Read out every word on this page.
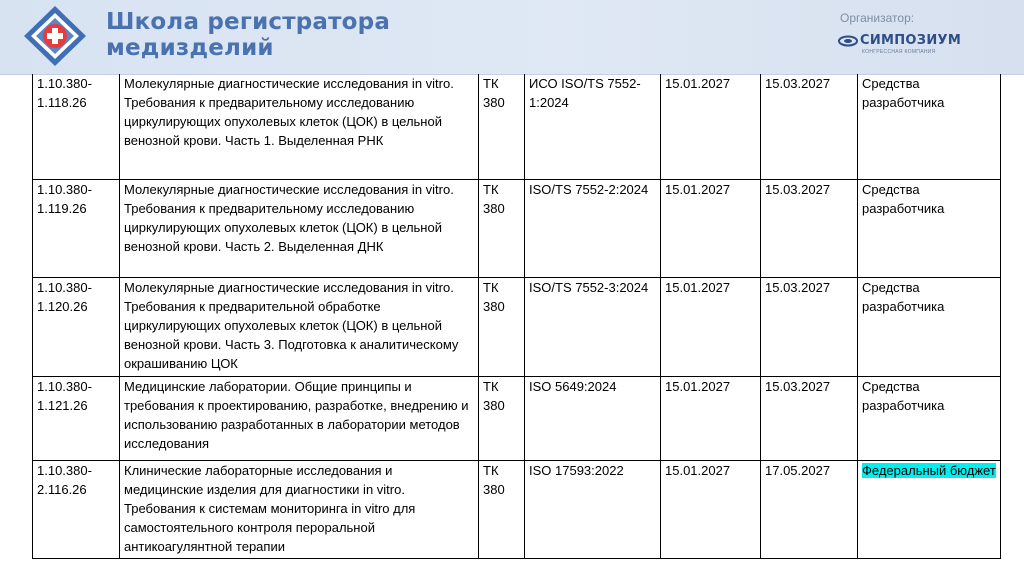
Школа регистратора
медизделий
Организатор:
СИМПОЗИУМ
КОНГРЕССНАЯ КОМПАНИЯ
1.10.380-1.118.26	Молекулярные диагностические исследования in vitro. Требования к предварительному исследованию циркулирующих опухолевых клеток (ЦОК) в цельной венозной крови. Часть 1. Выделенная РНК	ТК 380	ИСО ISO/TS 7552-1:2024	15.01.2027	15.03.2027	Средства разработчика
1.10.380-1.119.26	Молекулярные диагностические исследования in vitro. Требования к предварительному исследованию циркулирующих опухолевых клеток (ЦОК) в цельной венозной крови. Часть 2. Выделенная ДНК	ТК 380	ISO/TS 7552-2:2024	15.01.2027	15.03.2027	Средства разработчика
1.10.380-1.120.26	Молекулярные диагностические исследования in vitro. Требования к предварительной обработке циркулирующих опухолевых клеток (ЦОК) в цельной венозной крови. Часть 3. Подготовка к аналитическому окрашиванию ЦОК	ТК 380	ISO/TS 7552-3:2024	15.01.2027	15.03.2027	Средства разработчика
1.10.380-1.121.26	Медицинские лаборатории. Общие принципы и требования к проектированию, разработке, внедрению и использованию разработанных в лаборатории методов исследования	ТК 380	ISO 5649:2024	15.01.2027	15.03.2027	Средства разработчика
1.10.380-2.116.26	Клинические лабораторные исследования и медицинские изделия для диагностики in vitro. Требования к системам мониторинга in vitro для самостоятельного контроля пероральной антикоагулянтной терапии	ТК 380	ISO 17593:2022	15.01.2027	17.05.2027	Федеральный бюджет
